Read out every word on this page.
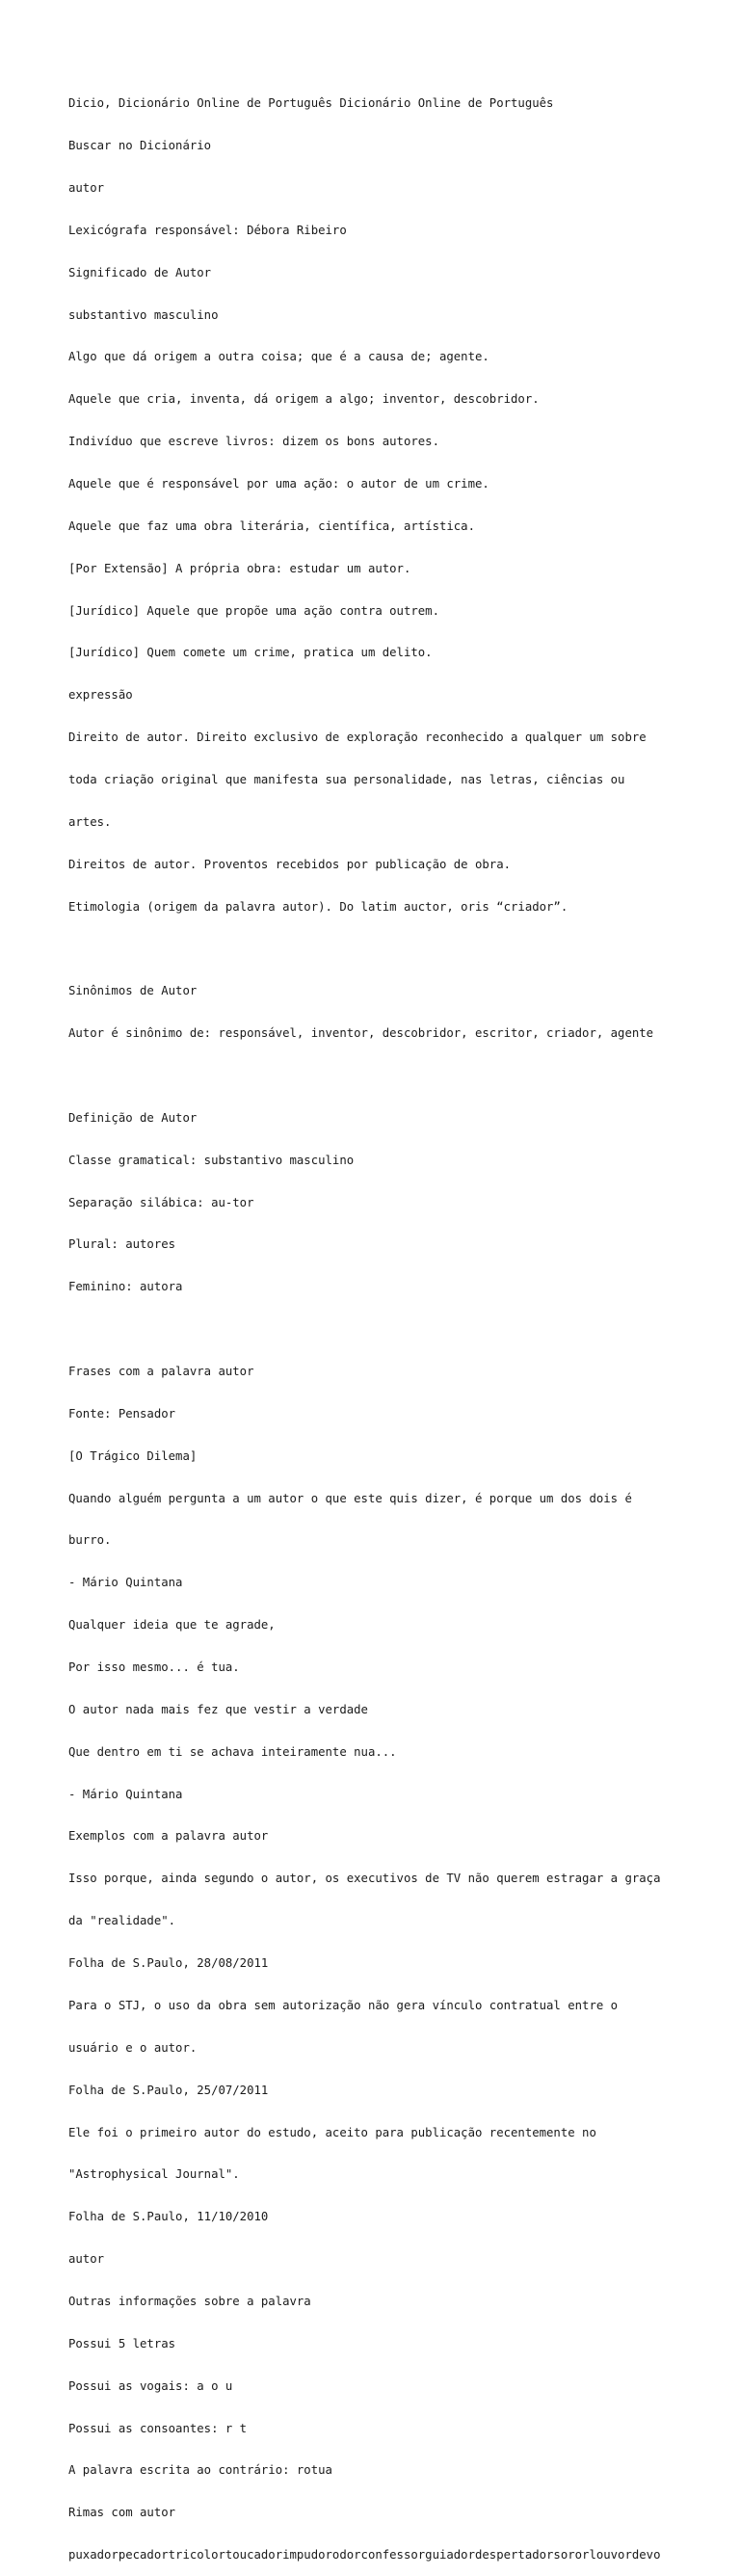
Dicio, Dicionário Online de Português Dicionário Online de Português

Buscar no Dicionário

autor

Lexicógrafa responsável: Débora Ribeiro

Significado de Autor

substantivo masculino

Algo que dá origem a outra coisa; que é a causa de; agente.

Aquele que cria, inventa, dá origem a algo; inventor, descobridor.

Indivíduo que escreve livros: dizem os bons autores.

Aquele que é responsável por uma ação: o autor de um crime.

Aquele que faz uma obra literária, científica, artística.

[Por Extensão] A própria obra: estudar um autor.

[Jurídico] Aquele que propõe uma ação contra outrem.

[Jurídico] Quem comete um crime, pratica um delito.

expressão

Direito de autor. Direito exclusivo de exploração reconhecido a qualquer um sobre

toda criação original que manifesta sua personalidade, nas letras, ciências ou

artes.

Direitos de autor. Proventos recebidos por publicação de obra.

Etimologia (origem da palavra autor). Do latim auctor, oris “criador”.

Sinônimos de Autor

Autor é sinônimo de: responsável, inventor, descobridor, escritor, criador, agente

Definição de Autor

Classe gramatical: substantivo masculino

Separação silábica: au-tor

Plural: autores

Feminino: autora

Frases com a palavra autor

Fonte: Pensador

[O Trágico Dilema]

Quando alguém pergunta a um autor o que este quis dizer, é porque um dos dois é

burro.

- Mário Quintana

Qualquer ideia que te agrade,

Por isso mesmo... é tua.

O autor nada mais fez que vestir a verdade

Que dentro em ti se achava inteiramente nua...

- Mário Quintana

Exemplos com a palavra autor

Isso porque, ainda segundo o autor, os executivos de TV não querem estragar a graça

da "realidade".

Folha de S.Paulo, 28/08/2011

Para o STJ, o uso da obra sem autorização não gera vínculo contratual entre o

usuário e o autor.

Folha de S.Paulo, 25/07/2011

Ele foi o primeiro autor do estudo, aceito para publicação recentemente no

"Astrophysical Journal".

Folha de S.Paulo, 11/10/2010

autor

Outras informações sobre a palavra

Possui 5 letras

Possui as vogais: a o u

Possui as consoantes: r t

A palavra escrita ao contrário: rotua

Rimas com autor

puxadorpecadortricolortoucadorimpudorodorconfessorguiadordespertadorsororlouvordevo
